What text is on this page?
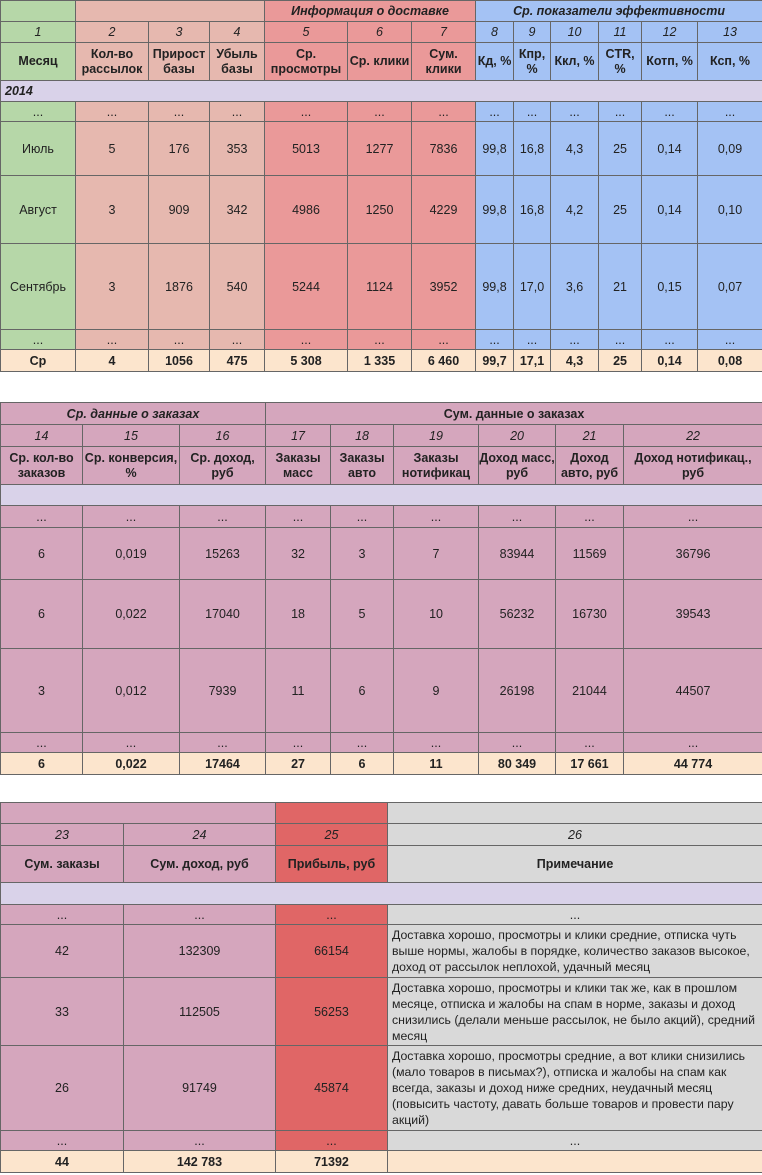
				Информация о доставке			Ср. показатели эффективности					
1	2	3	4	5	6	7	8	9	10	11	12	13
Месяц	Кол-во рассылок	Прирост базы	Убыль базы	Ср. просмотры	Ср. клики	Сум. клики	Кд, %	Кпр, %	Ккл, %	CTR, %	Котп, %	Ксп, %
2014												
...	...	...	...	...	...	...	...	...	...	...	...	...
Июль	5	176	353	5013	1277	7836	99,8	16,8	4,3	25	0,14	0,09
Август	3	909	342	4986	1250	4229	99,8	16,8	4,2	25	0,14	0,10
Сентябрь	3	1876	540	5244	1124	3952	99,8	17,0	3,6	21	0,15	0,07
...	...	...	...	...	...	...	...	...	...	...	...	...
Ср	4	1056	475	5 308	1 335	6 460	99,7	17,1	4,3	25	0,14	0,08
Ср. данные о заказах			Сум. данные о заказах					
14	15	16	17	18	19	20	21	22
Ср. кол-во заказов	Ср. конверсия, %	Ср. доход, руб	Заказы масс	Заказы авто	Заказы нотификац	Доход масс, руб	Доход авто, руб	Доход нотификац., руб

...	...	...	...	...	...	...	...	...
6	0,019	15263	32	3	7	83944	11569	36796
6	0,022	17040	18	5	10	56232	16730	39543
3	0,012	7939	11	6	9	26198	21044	44507
...	...	...	...	...	...	...	...	...
6	0,022	17464	27	6	11	80 349	17 661	44 774

23	24	25	26
Сум. заказы	Сум. доход, руб	Прибыль, руб	Примечание

...	...	...	...
42	132309	66154	Доставка хорошо, просмотры и клики средние, отписка чуть выше нормы, жалобы в порядке, количество заказов высокое, доход от рассылок неплохой, удачный месяц
33	112505	56253	Доставка хорошо, просмотры и клики так же, как в прошлом месяце, отписка и жалобы на спам в норме, заказы и доход снизились (делали меньше рассылок, не было акций), средний месяц
26	91749	45874	Доставка хорошо, просмотры средние, а вот клики снизились (мало товаров в письмах?), отписка и жалобы на спам как всегда, заказы и доход ниже средних, неудачный месяц (повысить частоту, давать больше товаров и провести пару акций)
...	...	...	...
44	142 783	71392	
